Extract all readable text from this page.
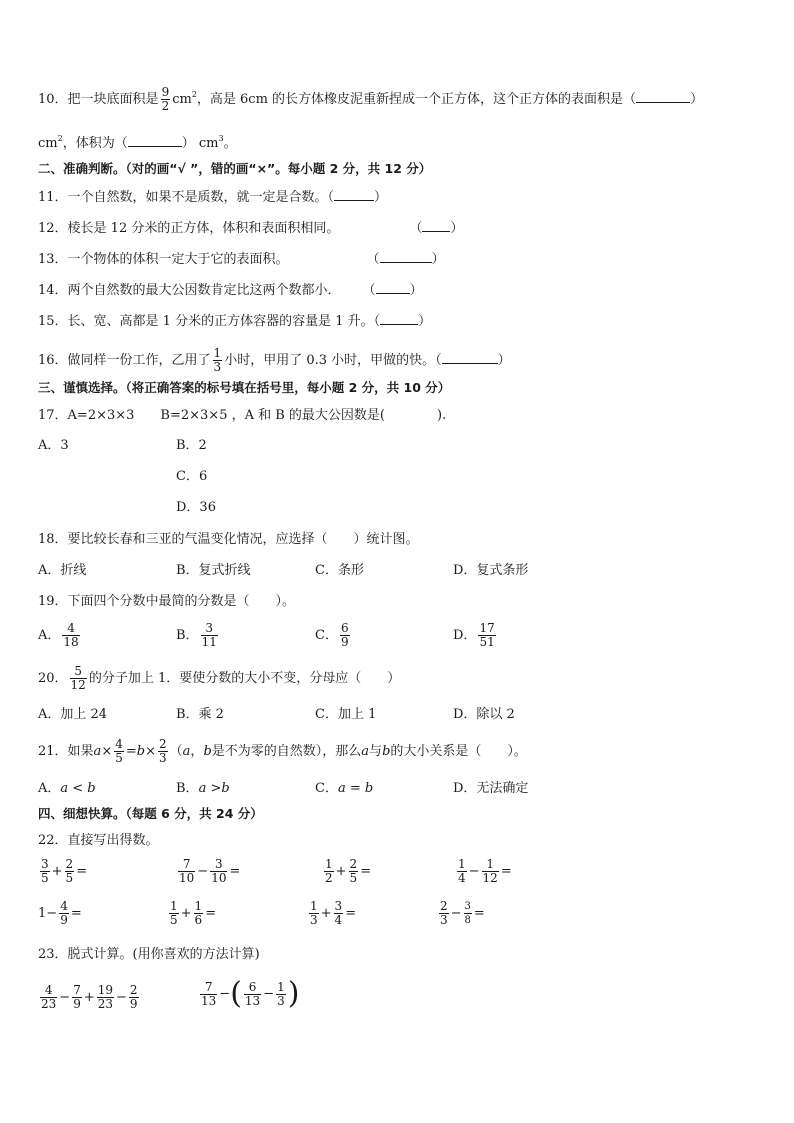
10．把一块底面积是 $\frac{9}{2} cm^2$，高是 6cm 的长方体橡皮泥重新捏成一个正方体，这个正方体的表面积是（	）
$cm^2$，体积为（	） $cm^3$。
二、准确判断。（对的画“√ ”，错的画“×”。每小题 2 分，共 12 分）
11．一个自然数，如果不是质数，就一定是合数。（	）
12．棱长是 12 分米的正方体，体积和表面积相同。	（ ）
13．一个物体的体积一定大于它的表面积。	（	）
14．两个自然数的最大公因数肯定比这两个数都小． （	）
15．长、宽、高都是 1 分米的正方体容器的容量是 1 升。（	）
16．做同样一份工作，乙用了 $\frac{1}{3}$ 小时，甲用了 0.3 小时，甲做的快。（	）
三、谨慎选择。（将正确答案的标号填在括号里，每小题 2 分，共 10 分）
17．A=2×3×3　　B=2×3×5 ，A 和 B 的最大公因数是(　　　　).
A．3	B．2
C．6
D．36
18．要比较长春和三亚的气温变化情况，应选择（　　）统计图。
A．折线	B．复式折线	C．条形	D．复式条形
19．下面四个分数中最简的分数是（　　）。
A． $\frac{4}{18}$	B． $\frac{3}{11}$	C． $\frac{6}{9}$	D． $\frac{17}{51}$
20． $\frac{5}{12}$ 的分子加上 1．要使分数的大小不变，分母应（　　）
A．加上 24	B．乘 2	C．加上 1	D．除以 2
21．如果$a\times \frac{4}{5} =b\times \frac{2}{3} (a$，b是不为零的自然数），那么a与b的大小关系是（　　）。
A．a < b	B．a >b	C．a = b	D．无法确定
四、细想快算。（每题 6 分，共 24 分）
22．直接写出得数。
$\frac{3}{5} + \frac{2}{5}$ =	$\frac{7}{10} - \frac{3}{10}$ =	$\frac{1}{2} + \frac{2}{5}$ =	$\frac{1}{4} - \frac{1}{12}$ =
$1- \frac{4}{9}$ =	$\frac{1}{5} + \frac{1}{6}$ =	$\frac{1}{3} + \frac{3}{4}$ =	$\frac{2}{3} - \frac{3}{8}$ =
23．脱式计算。(用你喜欢的方法计算)
$\frac{4}{23} - \frac{7}{9} + \frac{19}{23} - \frac{2}{9}$	$\frac{7}{13}$ −( $\frac{6}{13} - \frac{1}{3}$ )
